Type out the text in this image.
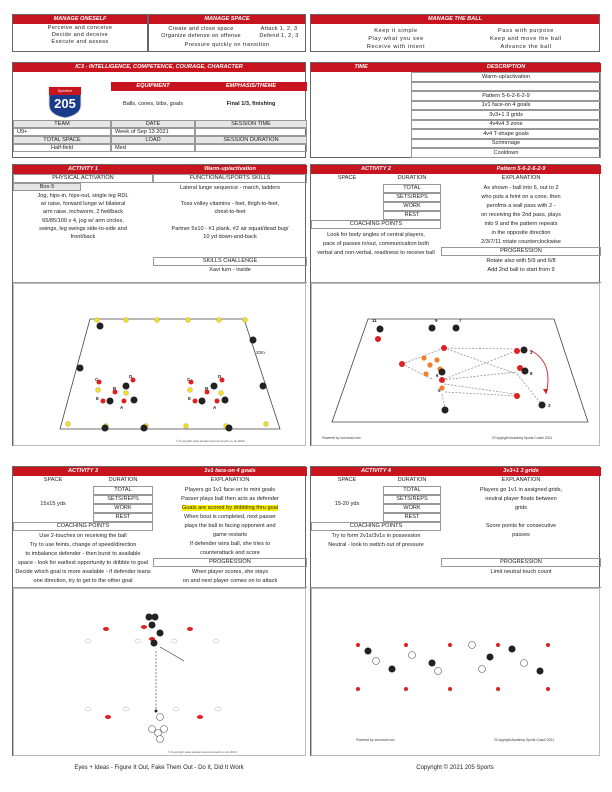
MANAGE ONESELF
Perceive and conceive
Decide and deceive
Execute and assess
MANAGE SPACE
Create and close space
Organize defense on offense
Attack 1, 2, 3
Defend 1, 2, 3
Pressure quickly on transition
MANAGE THE BALL
Keep it simple
Play what you see
Receive with intent
Pass with purpose
Keep and move the ball
Advance the ball
IC3 - INTELLIGENCE, COMPETENCE, COURAGE, CHARACTER
Sportive
205
EQUIPMENT	EMPHASIS/THEME
Balls, cones, bibs, goals	Final 1/3, finishing
TEAM	DATE	SESSION TIME
U9+	Week of Sep 13 2021
TOTAL SPACE	LOAD	SESSION DURATION
Half-field	Med
TIME	DESCRIPTION
Warm-up/activation
Pattern 5-6-2-6-2-9
1v1 face-on 4 goals
3v3+1 3 grids
4v4v4 3 zone
4v4 T-shape goals
Scrimmage
Cooldown
ACTIVITY 1	Warm-up/activation
PHYSICAL ACTIVATION	FUNCTIONAL/SPORTS SKILLS
Box-5
Jog, hips-in, hips-out, single leg RDL
w/ raise, forward lunge w/ bilateral
arm raise, inchworm, 2 fwd/back
65/85/100 x 4, jog w/ arm circles,
swings, leg swings side-to-side and
front/back
Lateral lunge sequence - march, ladders
Toss volley vitamins - feet, thigh-to-feet,
chest-to-feet
Partner 5x10 - #1 plank, #2 air squat/dead bug/
10 yd down-and-back
SKILLS CHALLENGE
Xavi turn - inside
C
D
B
E
A
C
D
B
E
A
20m
© Copyright www.academysoccercoach.co.uk 2020
ACTIVITY 2	Pattern 5-6-2-6-2-9
SPACE	DURATION	EXPLANATION
TOTAL
SETS/REPS
WORK
REST
As shown - ball into 6, out to 2
who puts a feint on a cone, then
perofms a wall pass with 2 -
on receiving the 2nd pass, plays
into 9 and the pattern repeats
in the opposite direction
2/3/7/11 rotate counterclockwise
COACHING POINTS
Look for body angles of central players,
pace of passes in/out, communication both
verbal and non-verbal, readiness to receive ball	PROGRESSION
Rotate also with 5/9 and 6/8
Add 2nd ball to start from 9
11	9	7
3
6
5
8
2
Powered by soccloud.com	©Copyright Academy Sports Coach 2021
ACTIVITY 3	1v1 face-on 4 goals
SPACE	DURATION	EXPLANATION
15x15 yds
TOTAL
SETS/REPS
WORK
REST
Players go 1v1 face-on to mini goals
Passer plays ball then acts as defender
Goals are scored by dribbling thru goal
When bout is completed, next passer
plays the ball to facing opponent and
game restarts
If defender wins ball, she tries to
counterattack and score
COACHING POINTS
Use 2-touches on receiving the ball
Try to use feints, change of speed/direction
to imbalance defender - then burst to available
space - look for earliest opportunity to dribble to goal
Decide which goal is more available - if defender leans
one direction, try to get to the other goal
PROGRESSION
When player scores, she stays
on and next player comes on to attack
© Copyright www.academysoccercoach.co.uk 2019
ACTIVITY 4	3v3+1 3 grids
SPACE	DURATION	EXPLANATION
15-20 yds
TOTAL
SETS/REPS
WORK
REST
Players go 1v1 in assigned grids,
neutral player floats between
grids
Score points for consecutive
passes
COACHING POINTS
Try to form 2v1s/3v1s in possession
Neutral - look to switch out of pressure
PROGRESSION
Limit neutral touch count
Powered by soccloud.com	©Copyright Academy Sports Coach 2021
Eyes + Ideas - Figure It Out, Fake Them Out - Do It, Did It Work	Copyright © 2021 205 Sports
